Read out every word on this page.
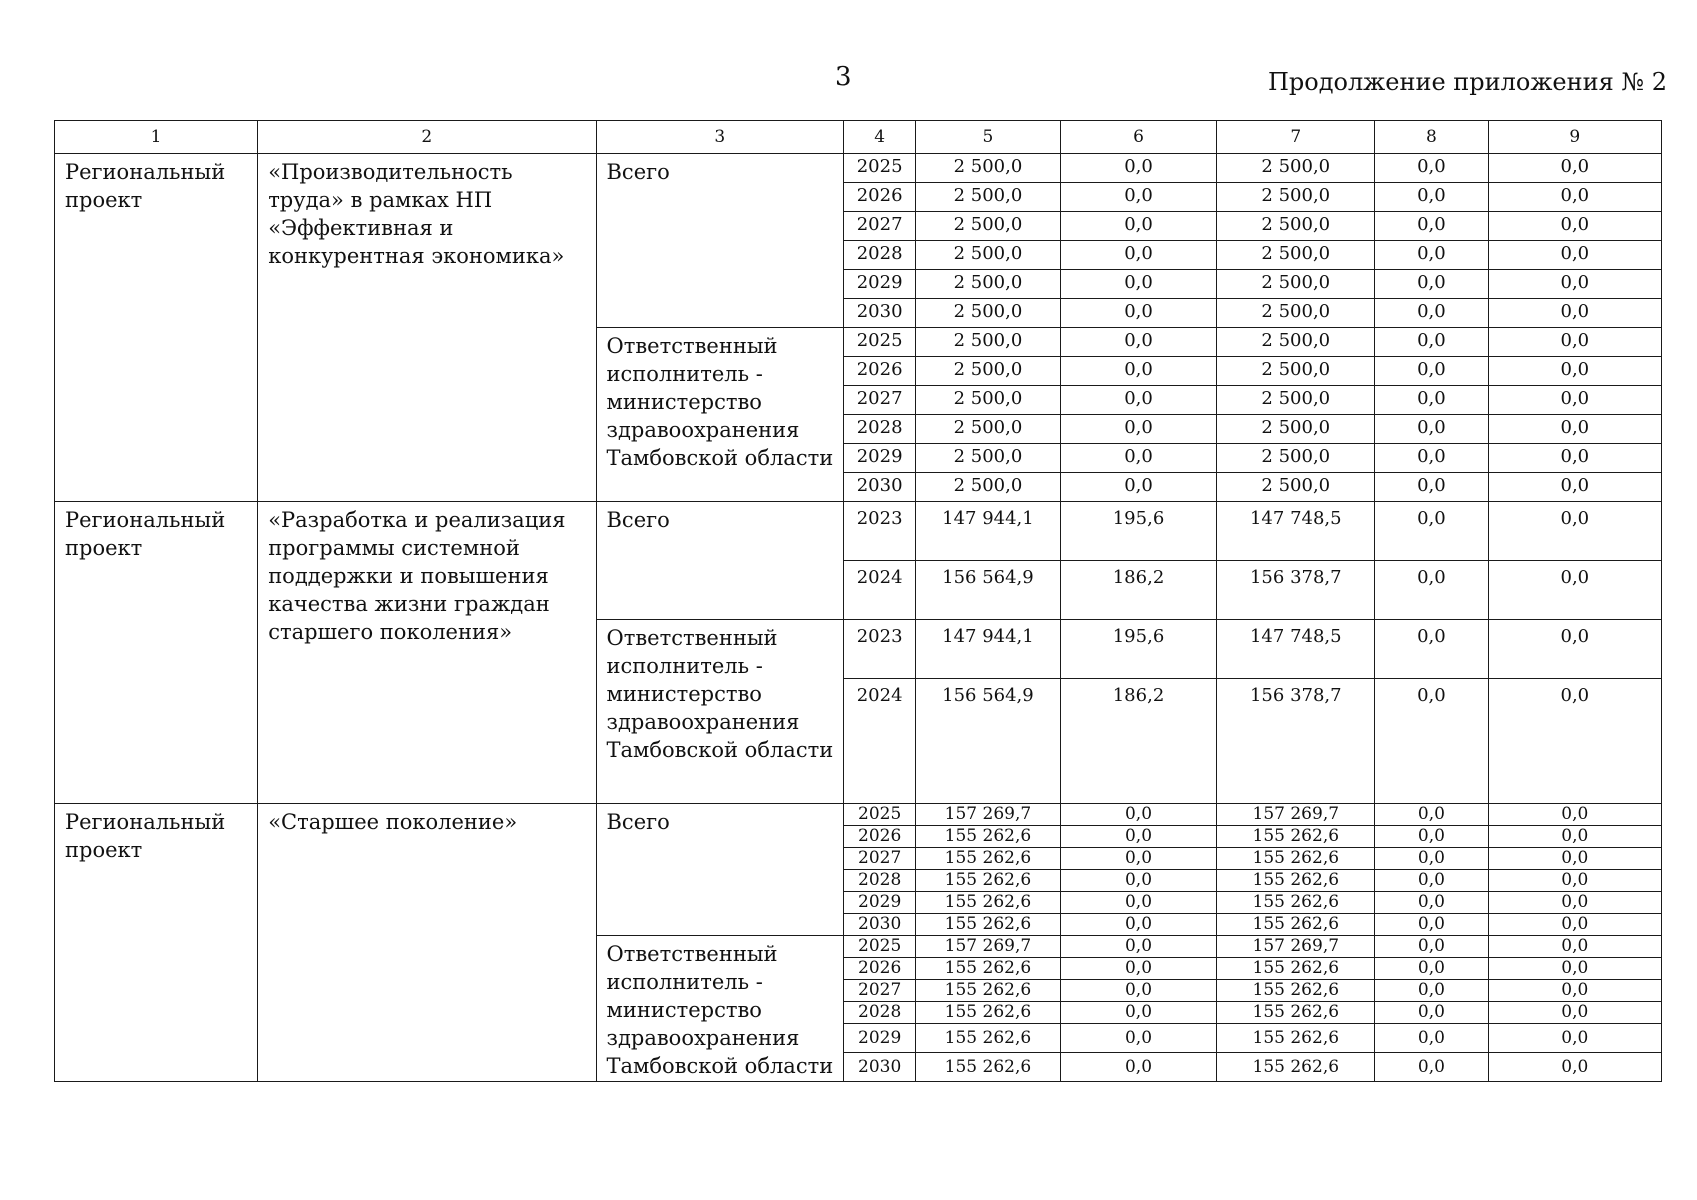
3	Продолжение приложения № 2
1	2	3	4	5	6	7	8	9
Региональный проект	«Производительность труда» в рамках НП «Эффективная и конкурентная экономика»	Всего	2025	2 500,0	0,0	2 500,0	0,0	0,0
			2026	2 500,0	0,0	2 500,0	0,0	0,0
			2027	2 500,0	0,0	2 500,0	0,0	0,0
			2028	2 500,0	0,0	2 500,0	0,0	0,0
			2029	2 500,0	0,0	2 500,0	0,0	0,0
			2030	2 500,0	0,0	2 500,0	0,0	0,0
		Ответственный исполнитель - министерство здравоохранения Тамбовской области	2025	2 500,0	0,0	2 500,0	0,0	0,0
			2026	2 500,0	0,0	2 500,0	0,0	0,0
			2027	2 500,0	0,0	2 500,0	0,0	0,0
			2028	2 500,0	0,0	2 500,0	0,0	0,0
			2029	2 500,0	0,0	2 500,0	0,0	0,0
			2030	2 500,0	0,0	2 500,0	0,0	0,0
Региональный проект	«Разработка и реализация программы системной поддержки и повышения качества жизни граждан старшего поколения»	Всего	2023	147 944,1	195,6	147 748,5	0,0	0,0
			2024	156 564,9	186,2	156 378,7	0,0	0,0
		Ответственный исполнитель - министерство здравоохранения Тамбовской области	2023	147 944,1	195,6	147 748,5	0,0	0,0
			2024	156 564,9	186,2	156 378,7	0,0	0,0
Региональный проект	«Старшее поколение»	Всего	2025	157 269,7	0,0	157 269,7	0,0	0,0
			2026	155 262,6	0,0	155 262,6	0,0	0,0
			2027	155 262,6	0,0	155 262,6	0,0	0,0
			2028	155 262,6	0,0	155 262,6	0,0	0,0
			2029	155 262,6	0,0	155 262,6	0,0	0,0
			2030	155 262,6	0,0	155 262,6	0,0	0,0
		Ответственный исполнитель - министерство здравоохранения Тамбовской области	2025	157 269,7	0,0	157 269,7	0,0	0,0
			2026	155 262,6	0,0	155 262,6	0,0	0,0
			2027	155 262,6	0,0	155 262,6	0,0	0,0
			2028	155 262,6	0,0	155 262,6	0,0	0,0
			2029	155 262,6	0,0	155 262,6	0,0	0,0
			2030	155 262,6	0,0	155 262,6	0,0	0,0
